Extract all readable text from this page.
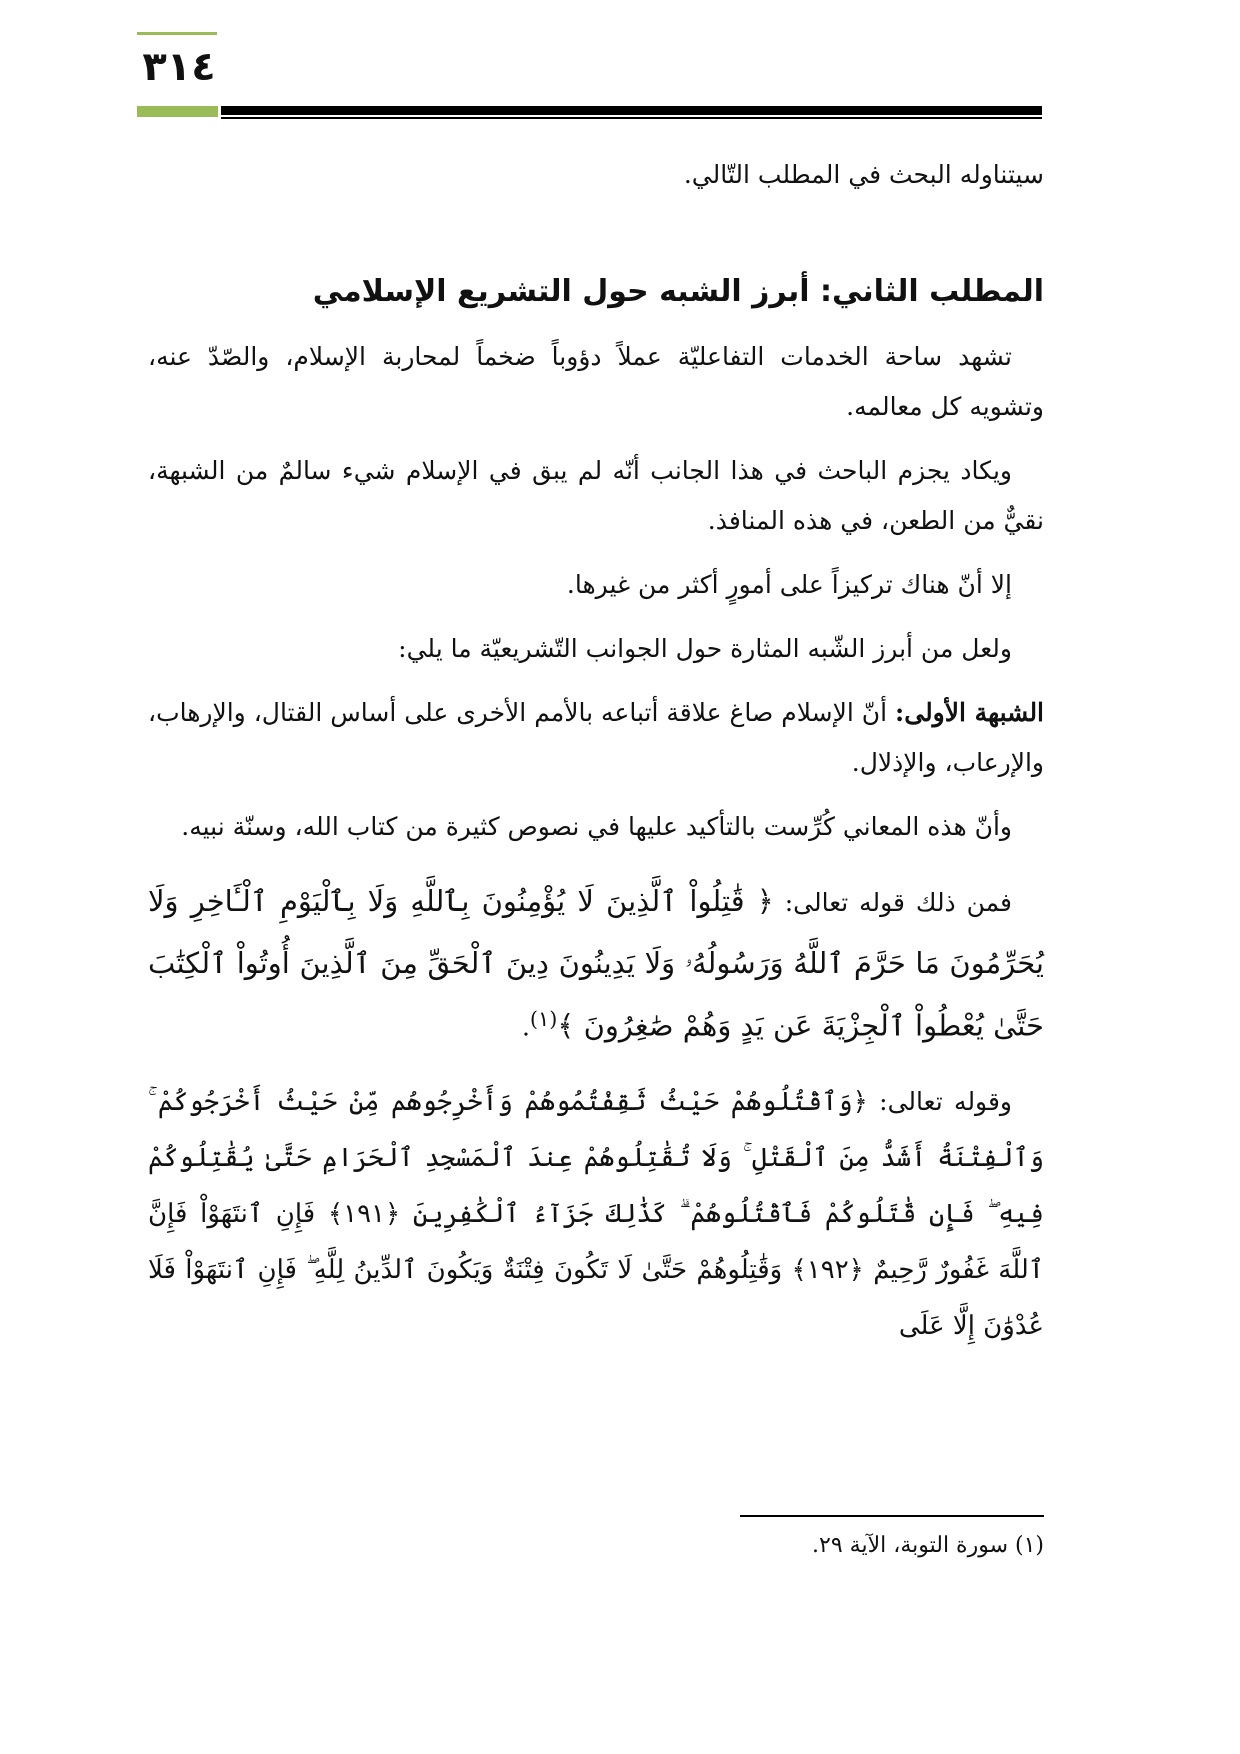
٣١٤

سيتناوله البحث في المطلب التّالي.

المطلب الثاني: أبرز الشبه حول التشريع الإسلامي

تشهد ساحة الخدمات التفاعليّة عملاً دؤوباً ضخماً لمحاربة الإسلام، والصّدّ عنه، وتشويه كل معالمه.

ويكاد يجزم الباحث في هذا الجانب أنّه لم يبق في الإسلام شيء سالمٌ من الشبهة، نقيٌّ من الطعن، في هذه المنافذ.

إلا أنّ هناك تركيزاً على أمورٍ أكثر من غيرها.

ولعل من أبرز الشّبه المثارة حول الجوانب التّشريعيّة ما يلي:

الشبهة الأولى: أنّ الإسلام صاغ علاقة أتباعه بالأمم الأخرى على أساس القتال، والإرهاب، والإرعاب، والإذلال.

وأنّ هذه المعاني كُرِّست بالتأكيد عليها في نصوص كثيرة من كتاب الله، وسنّة نبيه.

فمن ذلك قوله تعالى: ﴿ قَٰتِلُواْ ٱلَّذِينَ لَا يُؤْمِنُونَ بِٱللَّهِ وَلَا بِٱلْيَوْمِ ٱلْـَٔاخِرِ وَلَا يُحَرِّمُونَ مَا حَرَّمَ ٱللَّهُ وَرَسُولُهُۥ وَلَا يَدِينُونَ دِينَ ٱلْحَقِّ مِنَ ٱلَّذِينَ أُوتُواْ ٱلْكِتَٰبَ حَتَّىٰ يُعْطُواْ ٱلْجِزْيَةَ عَن يَدٍ وَهُمْ صَٰغِرُونَ ﴾$^{(١)}$.

وقوله تعالى: ﴿وَٱقْتُلُوهُمْ حَيْثُ ثَقِفْتُمُوهُمْ وَأَخْرِجُوهُم مِّنْ حَيْثُ أَخْرَجُوكُمْ ۚ وَٱلْفِتْنَةُ أَشَدُّ مِنَ ٱلْقَتْلِ ۚ وَلَا تُقَٰتِلُوهُمْ عِندَ ٱلْمَسْجِدِ ٱلْحَرَامِ حَتَّىٰ يُقَٰتِلُوكُمْ فِيهِ ۖ فَإِن قَٰتَلُوكُمْ فَٱقْتُلُوهُمْ ۗ كَذَٰلِكَ جَزَآءُ ٱلْكَٰفِرِينَ ﴿١٩١﴾ فَإِنِ ٱنتَهَوْاْ فَإِنَّ ٱللَّهَ غَفُورٌ رَّحِيمٌ ﴿١٩٢﴾ وَقَٰتِلُوهُمْ حَتَّىٰ لَا تَكُونَ فِتْنَةٌ وَيَكُونَ ٱلدِّينُ لِلَّهِ ۖ فَإِنِ ٱنتَهَوْاْ فَلَا عُدْوَٰنَ إِلَّا عَلَى

(١) سورة التوبة، الآية ٢٩.
